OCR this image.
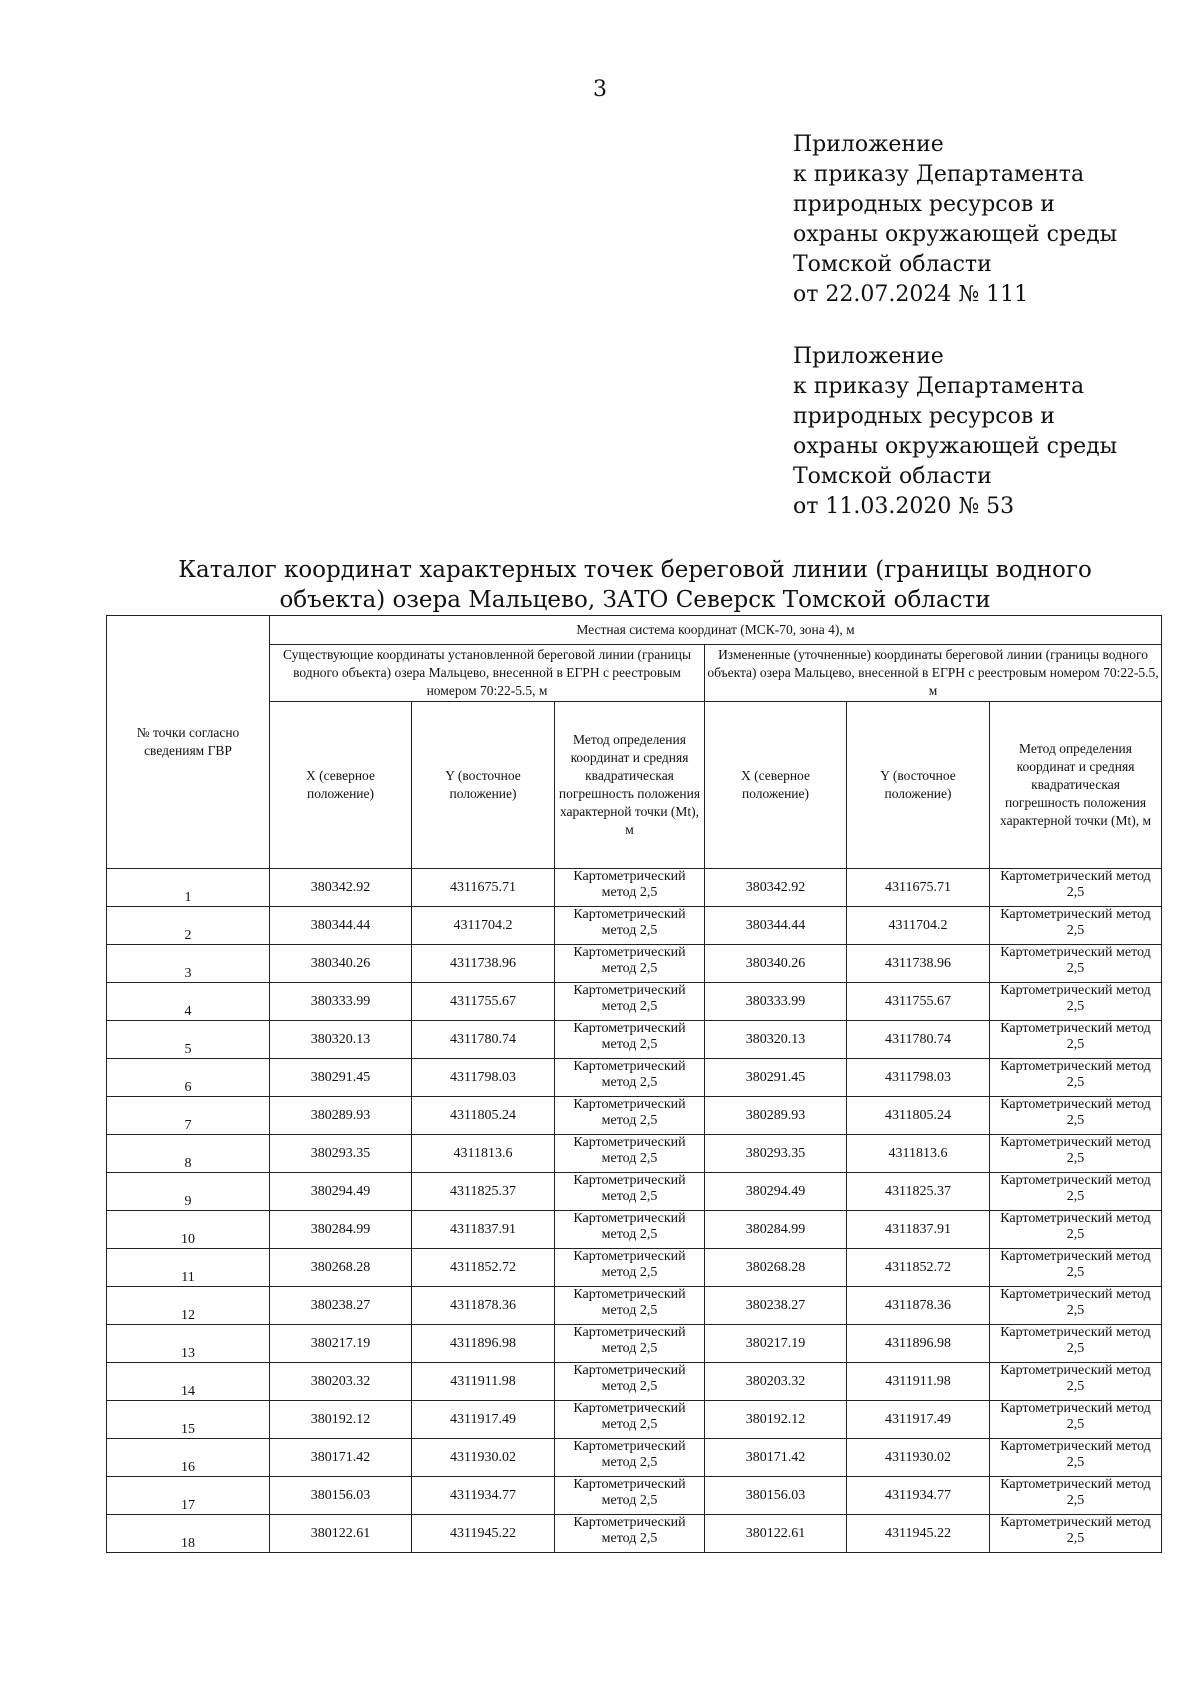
3
Приложение
к приказу Департамента
природных ресурсов и
охраны окружающей среды
Томской области
от 22.07.2024 № 111
Приложение
к приказу Департамента
природных ресурсов и
охраны окружающей среды
Томской области
от 11.03.2020 № 53
Каталог координат характерных точек береговой линии (границы водного
объекта) озера Мальцево, ЗАТО Северск Томской области
№ точки согласно сведениям ГВР	Местная система координат (МСК-70, зона 4), м					
	Существующие координаты установленной береговой линии (границы водного объекта) озера Мальцево, внесенной в ЕГРН с реестровым номером 70:22-5.5, м			Измененные (уточненные) координаты береговой линии (границы водного объекта) озера Мальцево, внесенной в ЕГРН с реестровым номером 70:22-5.5, м		
	X (северное положение)	Y (восточное положение)	Метод определения координат и средняя квадратическая погрешность положения характерной точки (Mt), м	X (северное положение)	Y (восточное положение)	Метод определения координат и средняя квадратическая погрешность положения характерной точки (Mt), м
1	380342.92	4311675.71	Картометрический метод 2,5	380342.92	4311675.71	Картометрический метод 2,5
2	380344.44	4311704.2	Картометрический метод 2,5	380344.44	4311704.2	Картометрический метод 2,5
3	380340.26	4311738.96	Картометрический метод 2,5	380340.26	4311738.96	Картометрический метод 2,5
4	380333.99	4311755.67	Картометрический метод 2,5	380333.99	4311755.67	Картометрический метод 2,5
5	380320.13	4311780.74	Картометрический метод 2,5	380320.13	4311780.74	Картометрический метод 2,5
6	380291.45	4311798.03	Картометрический метод 2,5	380291.45	4311798.03	Картометрический метод 2,5
7	380289.93	4311805.24	Картометрический метод 2,5	380289.93	4311805.24	Картометрический метод 2,5
8	380293.35	4311813.6	Картометрический метод 2,5	380293.35	4311813.6	Картометрический метод 2,5
9	380294.49	4311825.37	Картометрический метод 2,5	380294.49	4311825.37	Картометрический метод 2,5
10	380284.99	4311837.91	Картометрический метод 2,5	380284.99	4311837.91	Картометрический метод 2,5
11	380268.28	4311852.72	Картометрический метод 2,5	380268.28	4311852.72	Картометрический метод 2,5
12	380238.27	4311878.36	Картометрический метод 2,5	380238.27	4311878.36	Картометрический метод 2,5
13	380217.19	4311896.98	Картометрический метод 2,5	380217.19	4311896.98	Картометрический метод 2,5
14	380203.32	4311911.98	Картометрический метод 2,5	380203.32	4311911.98	Картометрический метод 2,5
15	380192.12	4311917.49	Картометрический метод 2,5	380192.12	4311917.49	Картометрический метод 2,5
16	380171.42	4311930.02	Картометрический метод 2,5	380171.42	4311930.02	Картометрический метод 2,5
17	380156.03	4311934.77	Картометрический метод 2,5	380156.03	4311934.77	Картометрический метод 2,5
18	380122.61	4311945.22	Картометрический метод 2,5	380122.61	4311945.22	Картометрический метод 2,5
